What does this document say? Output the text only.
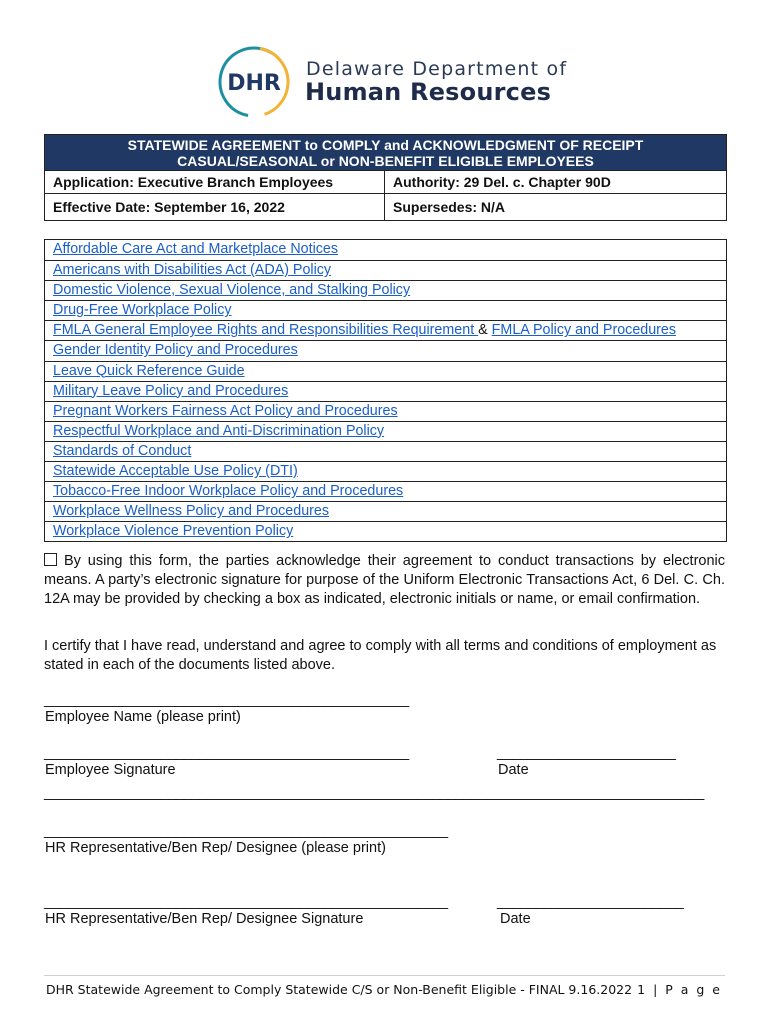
DHR
Delaware Department of
Human Resources
STATEWIDE AGREEMENT to COMPLY and ACKNOWLEDGMENT OF RECEIPT
CASUAL/SEASONAL or NON-BENEFIT ELIGIBLE EMPLOYEES
Application: Executive Branch Employees	Authority: 29 Del. c. Chapter 90D
Effective Date: September 16, 2022	Supersedes: N/A
Affordable Care Act and Marketplace Notices
Americans with Disabilities Act (ADA) Policy
Domestic Violence, Sexual Violence, and Stalking Policy
Drug-Free Workplace Policy
FMLA General Employee Rights and Responsibilities Requirement & FMLA Policy and Procedures
Gender Identity Policy and Procedures
Leave Quick Reference Guide
Military Leave Policy and Procedures
Pregnant Workers Fairness Act Policy and Procedures
Respectful Workplace and Anti-Discrimination Policy
Standards of Conduct
Statewide Acceptable Use Policy (DTI)
Tobacco-Free Indoor Workplace Policy and Procedures
Workplace Wellness Policy and Procedures
Workplace Violence Prevention Policy
By using this form, the parties acknowledge their agreement to conduct transactions by electronic means. A party’s electronic signature for purpose of the Uniform Electronic Transactions Act, 6 Del. C. Ch. 12A may be provided by checking a box as indicated, electronic initials or name, or email confirmation.
I certify that I have read, understand and agree to comply with all terms and conditions of employment as stated in each of the documents listed above.
_______________________________________________
Employee Name (please print)
_______________________________________________	_______________________
Employee Signature	Date
_____________________________________________________________________________________
____________________________________________________
HR Representative/Ben Rep/ Designee (please print)
____________________________________________________	________________________
HR Representative/Ben Rep/ Designee Signature	Date
DHR Statewide Agreement to Comply Statewide C/S or Non-Benefit Eligible - FINAL 9.16.2022 1 | P a g e
